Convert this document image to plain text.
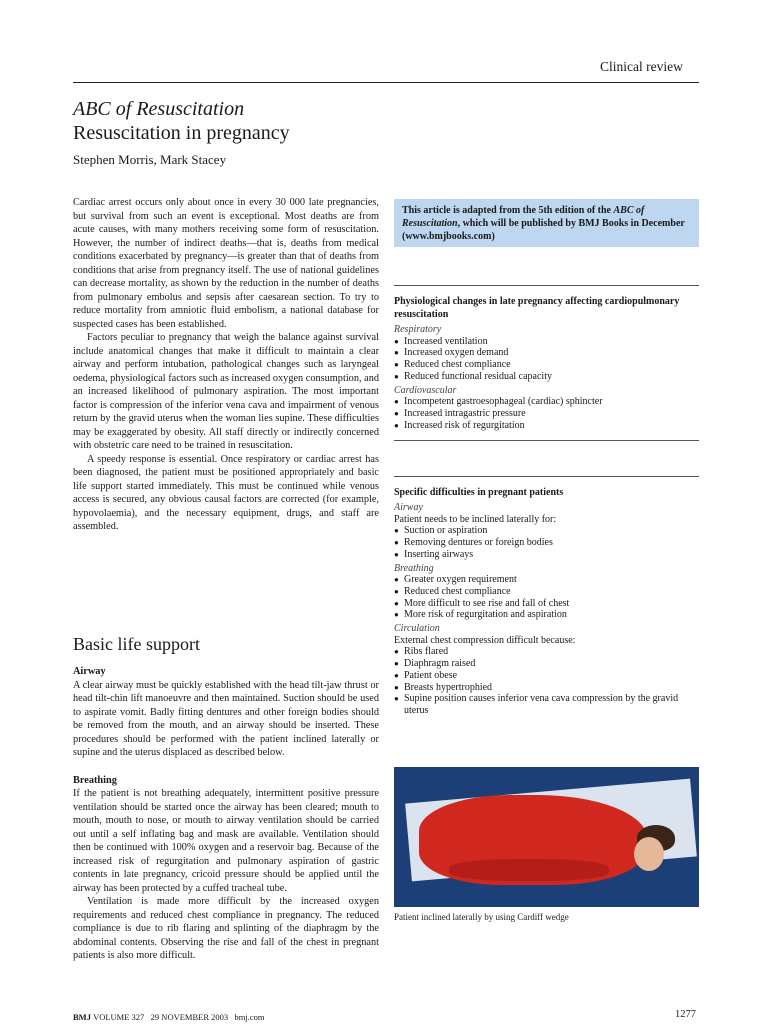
Clinical review
ABC of Resuscitation
Resuscitation in pregnancy
Stephen Morris, Mark Stacey

Cardiac arrest occurs only about once in every 30 000 late pregnancies, but survival from such an event is exceptional. Most deaths are from acute causes, with many mothers receiving some form of resuscitation. However, the number of indirect deaths—that is, deaths from medical conditions exacerbated by pregnancy—is greater than that of deaths from conditions that arise from pregnancy itself. The use of national guidelines can decrease mortality, as shown by the reduction in the number of deaths from pulmonary embolus and sepsis after caesarean section. To try to reduce mortality from amniotic fluid embolism, a national database for suspected cases has been established.

Factors peculiar to pregnancy that weigh the balance against survival include anatomical changes that make it difficult to maintain a clear airway and perform intubation, pathological changes such as laryngeal oedema, physiological factors such as increased oxygen consumption, and an increased likelihood of pulmonary aspiration. The most important factor is compression of the inferior vena cava and impairment of venous return by the gravid uterus when the woman lies supine. These difficulties may be exaggerated by obesity. All staff directly or indirectly concerned with obstetric care need to be trained in resuscitation.

A speedy response is essential. Once respiratory or cardiac arrest has been diagnosed, the patient must be positioned appropriately and basic life support started immediately. This must be continued while venous access is secured, any obvious causal factors are corrected (for example, hypovolaemia), and the necessary equipment, drugs, and staff are assembled.

Basic life support
Airway

A clear airway must be quickly established with the head tilt-jaw thrust or head tilt-chin lift manoeuvre and then maintained. Suction should be used to aspirate vomit. Badly fitting dentures and other foreign bodies should be removed from the mouth, and an airway should be inserted. These procedures should be performed with the patient inclined laterally or supine and the uterus displaced as described below.

Breathing

If the patient is not breathing adequately, intermittent positive pressure ventilation should be started once the airway has been cleared; mouth to mouth, mouth to nose, or mouth to airway ventilation should be carried out until a self inflating bag and mask are available. Ventilation should then be continued with 100% oxygen and a reservoir bag. Because of the increased risk of regurgitation and pulmonary aspiration of gastric contents in late pregnancy, cricoid pressure should be applied until the airway has been protected by a cuffed tracheal tube.

Ventilation is made more difficult by the increased oxygen requirements and reduced chest compliance in pregnancy. The reduced compliance is due to rib flaring and splinting of the diaphragm by the abdominal contents. Observing the rise and fall of the chest in pregnant patients is also more difficult.

This article is adapted from the 5th edition of the ABC of Resuscitation, which will be published by BMJ Books in December (www.bmjbooks.com)
Physiological changes in late pregnancy affecting cardiopulmonary resuscitation
Respiratory
● Increased ventilation
● Increased oxygen demand
● Reduced chest compliance
● Reduced functional residual capacity
Cardiovascular
● Incompetent gastroesophageal (cardiac) sphincter
● Increased intragastric pressure
● Increased risk of regurgitation
Specific difficulties in pregnant patients
Airway
Patient needs to be inclined laterally for:
● Suction or aspiration
● Removing dentures or foreign bodies
● Inserting airways
Breathing
● Greater oxygen requirement
● Reduced chest compliance
● More difficult to see rise and fall of chest
● More risk of regurgitation and aspiration
Circulation
External chest compression difficult because:
● Ribs flared
● Diaphragm raised
● Patient obese
● Breasts hypertrophied
● Supine position causes inferior vena cava compression by the gravid uterus
Patient inclined laterally by using Cardiff wedge
BMJ VOLUME 327   29 NOVEMBER 2003   bmj.com	1277
